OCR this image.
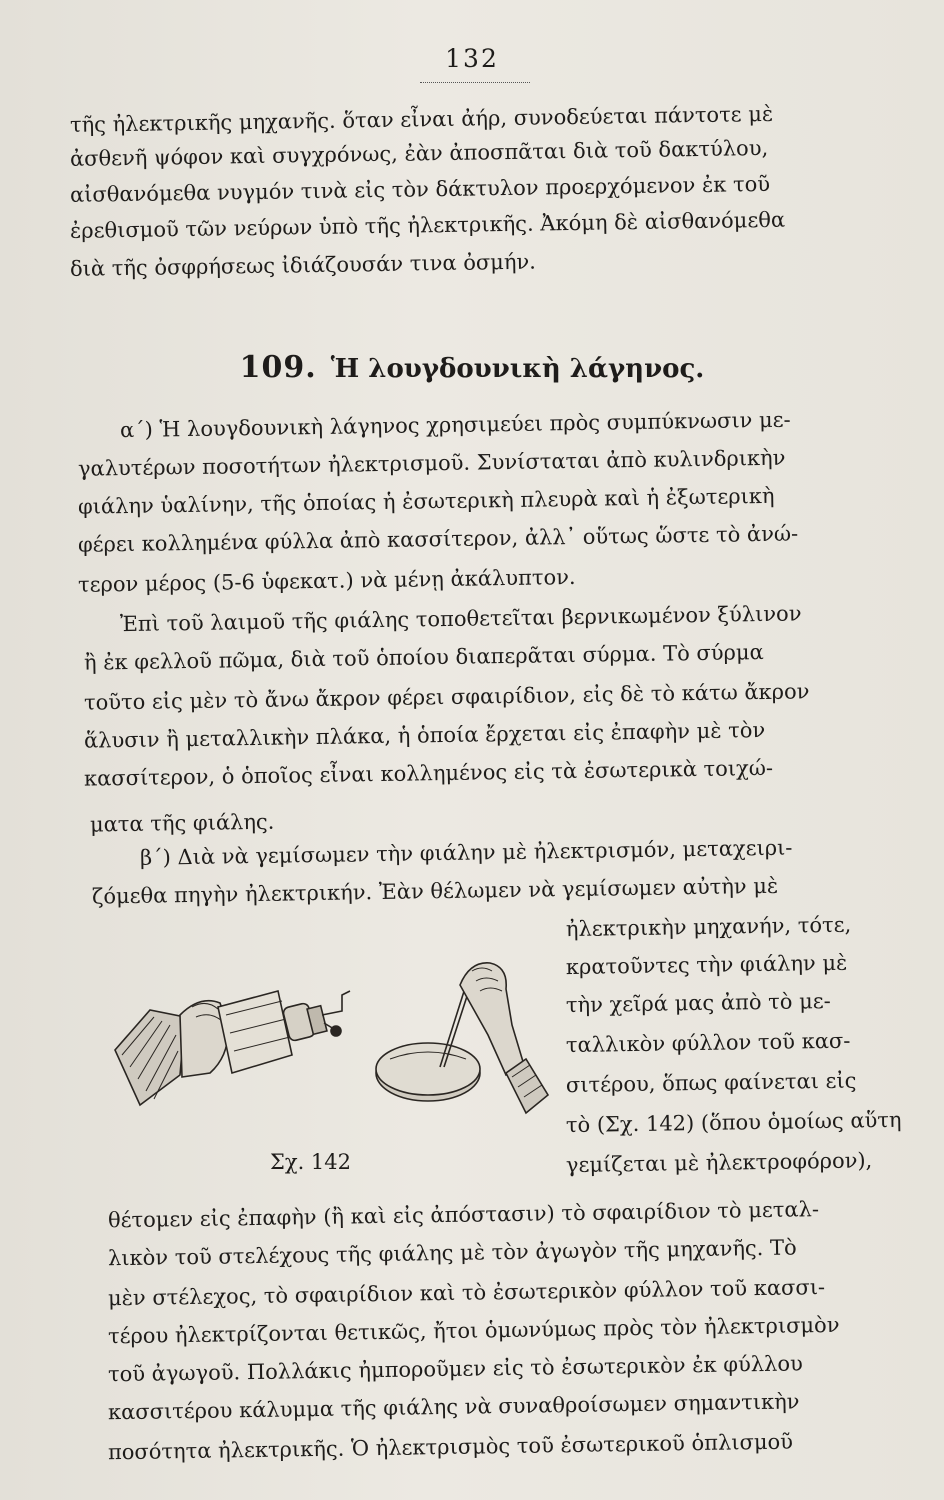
132

τῆς ἠλεκτρικῆς μηχανῆς. ὅταν εἶναι ἀήρ, συνοδεύεται πάντοτε μὲ

ἀσθενῆ ψόφον καὶ συγχρόνως, ἐὰν ἀποσπᾶται διὰ τοῦ δακτύλου,

αἰσθανόμεθα νυγμόν τινὰ εἰς τὸν δάκτυλον προερχόμενον ἐκ τοῦ

ἐρεθισμοῦ τῶν νεύρων ὑπὸ τῆς ἠλεκτρικῆς. Ἀκόμη δὲ αἰσθανόμεθα

διὰ τῆς ὀσφρήσεως ἰδιάζουσάν τινα ὀσμήν.

α΄) Ἡ λουγδουνικὴ λάγηνος χρησιμεύει πρὸς συμπύκνωσιν με-

γαλυτέρων ποσοτήτων ἠλεκτρισμοῦ. Συνίσταται ἀπὸ κυλινδρικὴν

φιάλην ὑαλίνην, τῆς ὁποίας ἡ ἐσωτερικὴ πλευρὰ καὶ ἡ ἐξωτερικὴ

φέρει κολλημένα φύλλα ἀπὸ κασσίτερον, ἀλλ᾽ οὕτως ὥστε τὸ ἀνώ-

τερον μέρος (5-6 ὑφεκατ.) νὰ μένῃ ἀκάλυπτον.

Ἐπὶ τοῦ λαιμοῦ τῆς φιάλης τοποθετεῖται βερνικωμένον ξύλινον

ἢ ἐκ φελλοῦ πῶμα, διὰ τοῦ ὁποίου διαπερᾶται σύρμα. Τὸ σύρμα

τοῦτο εἰς μὲν τὸ ἄνω ἄκρον φέρει σφαιρίδιον, εἰς δὲ τὸ κάτω ἄκρον

ἅλυσιν ἢ μεταλλικὴν πλάκα, ἡ ὁποία ἔρχεται εἰς ἐπαφὴν μὲ τὸν

κασσίτερον, ὁ ὁποῖος εἶναι κολλημένος εἰς τὰ ἐσωτερικὰ τοιχώ-

ματα τῆς φιάλης.

β΄) Διὰ νὰ γεμίσωμεν τὴν φιάλην μὲ ἠλεκτρισμόν, μεταχειρι-

ζόμεθα πηγὴν ἠλεκτρικήν. Ἐὰν θέλωμεν νὰ γεμίσωμεν αὐτὴν μὲ

ἠλεκτρικὴν μηχανήν, τότε,

κρατοῦντες τὴν φιάλην μὲ

τὴν χεῖρά μας ἀπὸ τὸ με-

ταλλικὸν φύλλον τοῦ κασ-

σιτέρου, ὅπως φαίνεται εἰς

τὸ (Σχ. 142) (ὅπου ὁμοίως αὕτη

γεμίζεται μὲ ἠλεκτροφόρον),

θέτομεν εἰς ἐπαφὴν (ἢ καὶ εἰς ἀπόστασιν) τὸ σφαιρίδιον τὸ μεταλ-

λικὸν τοῦ στελέχους τῆς φιάλης μὲ τὸν ἀγωγὸν τῆς μηχανῆς. Τὸ

μὲν στέλεχος, τὸ σφαιρίδιον καὶ τὸ ἐσωτερικὸν φύλλον τοῦ κασσι-

τέρου ἠλεκτρίζονται θετικῶς, ἤτοι ὁμωνύμως πρὸς τὸν ἠλεκτρισμὸν

τοῦ ἀγωγοῦ. Πολλάκις ἠμποροῦμεν εἰς τὸ ἐσωτερικὸν ἐκ φύλλου

κασσιτέρου κάλυμμα τῆς φιάλης νὰ συναθροίσωμεν σημαντικὴν

ποσότητα ἠλεκτρικῆς. Ὁ ἠλεκτρισμὸς τοῦ ἐσωτερικοῦ ὁπλισμοῦ

109. Ἡ λουγδουνικὴ λάγηνος.
Σχ. 142
